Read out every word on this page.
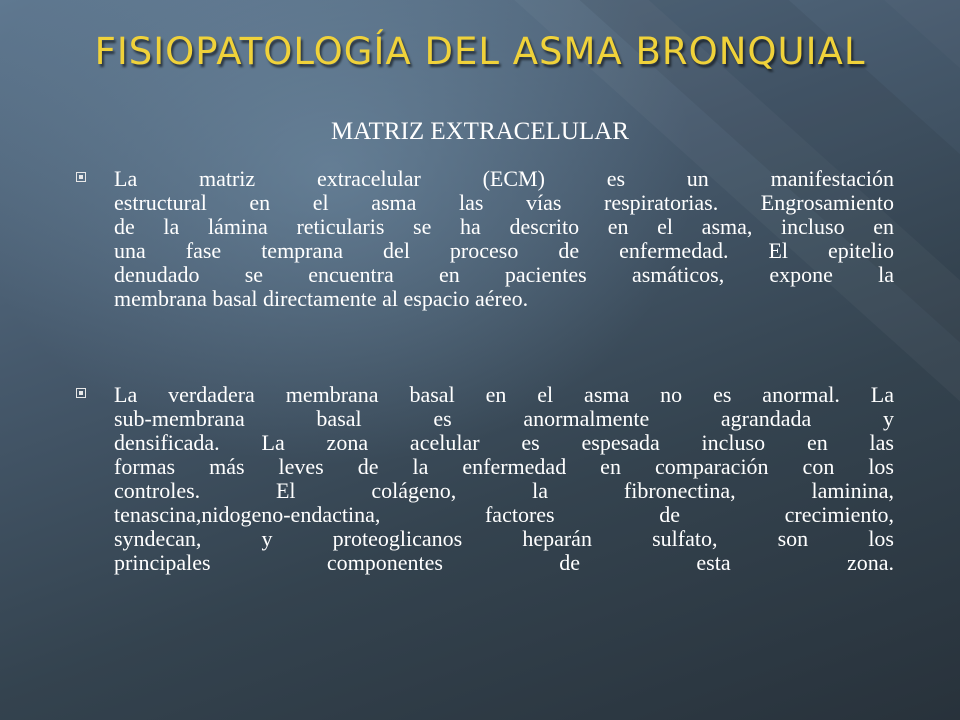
FISIOPATOLOGÍA DEL ASMA BRONQUIAL
MATRIZ EXTRACELULAR
La matriz extracelular (ECM) es un manifestación
estructural en el asma las vías respiratorias. Engrosamiento
de la lámina reticularis se ha descrito en el asma, incluso en
una fase temprana del proceso de enfermedad. El epitelio
denudado se encuentra en pacientes asmáticos, expone la
membrana basal directamente al espacio aéreo.
La verdadera membrana basal en el asma no es anormal. La
sub-membrana basal es anormalmente agrandada y
densificada. La zona acelular es espesada incluso en las
formas más leves de la enfermedad en comparación con los
controles. El colágeno, la fibronectina, laminina,
tenascina,nidogeno-endactina, factores de crecimiento,
syndecan, y proteoglicanos heparán sulfato, son los
principales componentes de esta zona.
